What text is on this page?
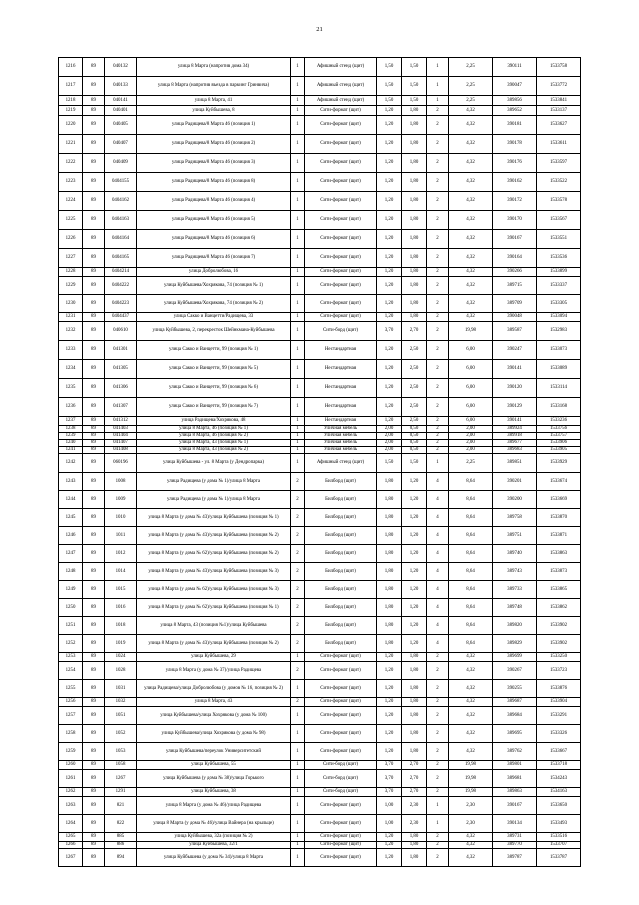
21
1216	89	040132	улица 8 Марта (напротив дома 34)	1	Афишный стенд (щит)	1,50	1,50	1	2,25	390111	1533758
1217	89	040133	улица 8 Марта (напротив въезда в паркинг Гринвича)	1	Афишный стенд (щит)	1,50	1,50	1	2,25	390047	1533772
1218	89	040141	улица 8 Марта, 41	1	Афишный стенд (щит)	1,50	1,50	1	2,25	389856	1533841
1219	89	040401	улица Куйбышева, 8	1	Сити-формат (щит)	1,20	1,80	2	4,32	389652	1533137
1220	89	040405	улица Радищева/8 Марта 46 (позиция 1)	1	Сити-формат (щит)	1,20	1,80	2	4,32	390181	1533627
1221	89	040407	улица Радищева/8 Марта 46 (позиция 2)	1	Сити-формат (щит)	1,20	1,80	2	4,32	390178	1533611
1222	89	040409	улица Радищева/8 Марта 46 (позиция 3)	1	Сити-формат (щит)	1,20	1,80	2	4,32	390176	1533597
1223	89	0404155	улица Радищева/8 Марта 46 (позиция 8)	1	Сити-формат (щит)	1,20	1,80	2	4,32	390162	1533522
1224	89	0404162	улица Радищева/8 Марта 46 (позиция 4)	1	Сити-формат (щит)	1,20	1,80	2	4,32	390172	1533578
1225	89	0404163	улица Радищева/8 Марта 46 (позиция 5)	1	Сити-формат (щит)	1,20	1,80	2	4,32	390170	1533567
1226	89	0404164	улица Радищева/8 Марта 46 (позиция 6)	1	Сити-формат (щит)	1,20	1,80	2	4,32	390167	1533551
1227	89	0404165	улица Радищева/8 Марта 46 (позиция 7)	1	Сити-формат (щит)	1,20	1,80	2	4,32	390164	1533536
1228	89	0404214	улица Добролюбова, 16	1	Сити-формат (щит)	1,20	1,80	2	4,32	390266	1533899
1229	89	0404222	улица Куйбышева/Хохрякова, 74 (позиция № 1)	1	Сити-формат (щит)	1,20	1,80	2	4,32	389715	1533337
1230	89	0404223	улица Куйбышева/Хохрякова, 74 (позиция № 2)	1	Сити-формат (щит)	1,20	1,80	2	4,32	389709	1533305
1231	89	0404437	улица Сакко и Ванцетти/Радищева, 33	1	Сити-формат (щит)	1,20	1,80	2	4,32	390048	1533094
1232	89	040610	улица Куйбышева, 2, перекресток Шейнкмана-Куйбышева	1	Сити-борд (щит)	3,70	2,70	2	19,98	389587	1532983
1233	89	041301	улица Сакко и Ванцетти, 99 (позиция № 1)	1	Нестандартная	1,20	2,50	2	6,00	390247	1533073
1234	89	041305	улица Сакко и Ванцетти, 99 (позиция № 5)	1	Нестандартная	1,20	2,50	2	6,00	390141	1533089
1235	89	041306	улица Сакко и Ванцетти, 99 (позиция № 6)	1	Нестандартная	1,20	2,50	2	6,00	390120	1533114
1236	89	041307	улица Сакко и Ванцетти, 99 (позиция № 7)	1	Нестандартная	1,20	2,50	2	6,00	390129	1533168
1237	89	041312	улица Радищева/Хохрякова, 48	1	Нестандартная	1,20	2,50	2	6,00	390141	1533236
1238	89	041403	улица 8 Марта, 46 (позиция № 1)	1	Уличная мебель	2,00	0,50	2	2,00	389924	1533756
1239	89	041404	улица 8 Марта, 46 (позиция № 2)	1	Уличная мебель	2,00	0,50	2	2,00	389918	1533757
1240	89	041407	улица 8 Марта, 43 (позиция № 1)	1	Уличная мебель	2,00	0,50	2	2,00	389677	1533906
1241	89	041408	улица 8 Марта, 43 (позиция № 2)	1	Уличная мебель	2,00	0,50	2	2,00	389683	1533905
1242	89	060196	улица Куйбышева - ул. 8 Марта (у Дендропарка)	1	Афишный стенд (щит)	1,50	1,50	1	2,25	389851	1533929
1243	89	1008	улица Радищева (у дома № 1)/улица 8 Марта	2	Билборд (щит)	1,80	1,20	4	8,64	390201	1533674
1244	89	1009	улица Радищева (у дома № 1)/улица 8 Марта	2	Билборд (щит)	1,80	1,20	4	8,64	390200	1533669
1245	89	1010	улица 8 Марта (у дома № 43)/улица Куйбышева (позиция № 1)	2	Билборд (щит)	1,80	1,20	4	8,64	389758	1533870
1246	89	1011	улица 8 Марта (у дома № 43)/улица Куйбышева (позиция № 2)	2	Билборд (щит)	1,80	1,20	4	8,64	389751	1533871
1247	89	1012	улица 8 Марта (у дома № 62)/улица Куйбышева (позиция № 2)	2	Билборд (щит)	1,80	1,20	4	8,64	389740	1533863
1248	89	1014	улица 8 Марта (у дома № 43)/улица Куйбышева (позиция № 3)	2	Билборд (щит)	1,80	1,20	4	8,64	389743	1533873
1249	89	1015	улица 8 Марта (у дома № 62)/улица Куйбышева (позиция № 3)	2	Билборд (щит)	1,80	1,20	4	8,64	389733	1533865
1250	89	1016	улица 8 Марта (у дома № 62)/улица Куйбышева (позиция № 1)	2	Билборд (щит)	1,80	1,20	4	8,64	389748	1533862
1251	89	1018	улица 8 Марта, 43 (позиция №1)/улица Куйбышева	2	Билборд (щит)	1,80	1,20	4	8,64	389820	1533902
1252	89	1019	улица 8 Марта (у дома № 43)/улица Куйбышева (позиция № 2)	2	Билборд (щит)	1,80	1,20	4	8,64	389829	1533902
1253	89	1024	улица Куйбышева, 29	1	Сити-формат (щит)	1,20	1,80	2	4,32	389699	1533250
1254	89	1028	улица 8 Марта (у дома № 37)/улица Радищева	2	Сити-формат (щит)	1,20	1,80	2	4,32	390267	1533723
1255	89	1031	улица Радищева/улица Добролюбова (у домов № 16, позиция № 2)	1	Сити-формат (щит)	1,20	1,80	2	4,32	390255	1533876
1256	89	1032	улица 8 Марта, 43	2	Сити-формат (щит)	1,20	1,80	2	4,32	389687	1533904
1257	89	1051	улица Куйбышева/улица Хохрякова (у дома № 100)	1	Сити-формат (щит)	1,20	1,80	2	4,32	389684	1533291
1258	89	1052	улица Куйбышева/улица Хохрякова (у дома № 98)	1	Сити-формат (щит)	1,20	1,80	2	4,32	389695	1533326
1259	89	1053	улица Куйбышева/переулок Университетский	1	Сити-формат (щит)	1,20	1,80	2	4,32	389762	1533667
1260	89	1058	улица Куйбышева, 55	1	Сити-борд (щит)	3,70	2,70	2	19,98	389801	1533718
1261	89	1267	улица Куйбышева (у дома № 38)/улица Горького	1	Сити-борд (щит)	3,70	2,70	2	19,98	389681	1534243
1262	89	1291	улица Куйбышева, 38	1	Сити-борд (щит)	3,70	2,70	2	19,98	389863	1534163
1263	89	821	улица 8 Марта (у дома № 46)/улица Радищева	1	Сити-формат (щит)	1,00	2,30	1	2,30	390167	1533650
1264	89	822	улица 8 Марта (у дома № 46)/улица Вайнера (на крыльце)	1	Сити-формат (щит)	1,00	2,30	1	2,30	390134	1533493
1265	89	885	улица Куйбышева, 32а (позиция № 2)	1	Сити-формат (щит)	1,20	1,80	2	4,32	389731	1533516
1266	89	886	улица Куйбышева, 32/1	1	Сити-формат (щит)	1,20	1,80	2	4,32	389770	1533707
1267	89	894	улица Куйбышева (у дома № 34)/улица 8 Марта	1	Сити-формат (щит)	1,20	1,80	2	4,32	389787	1533787
